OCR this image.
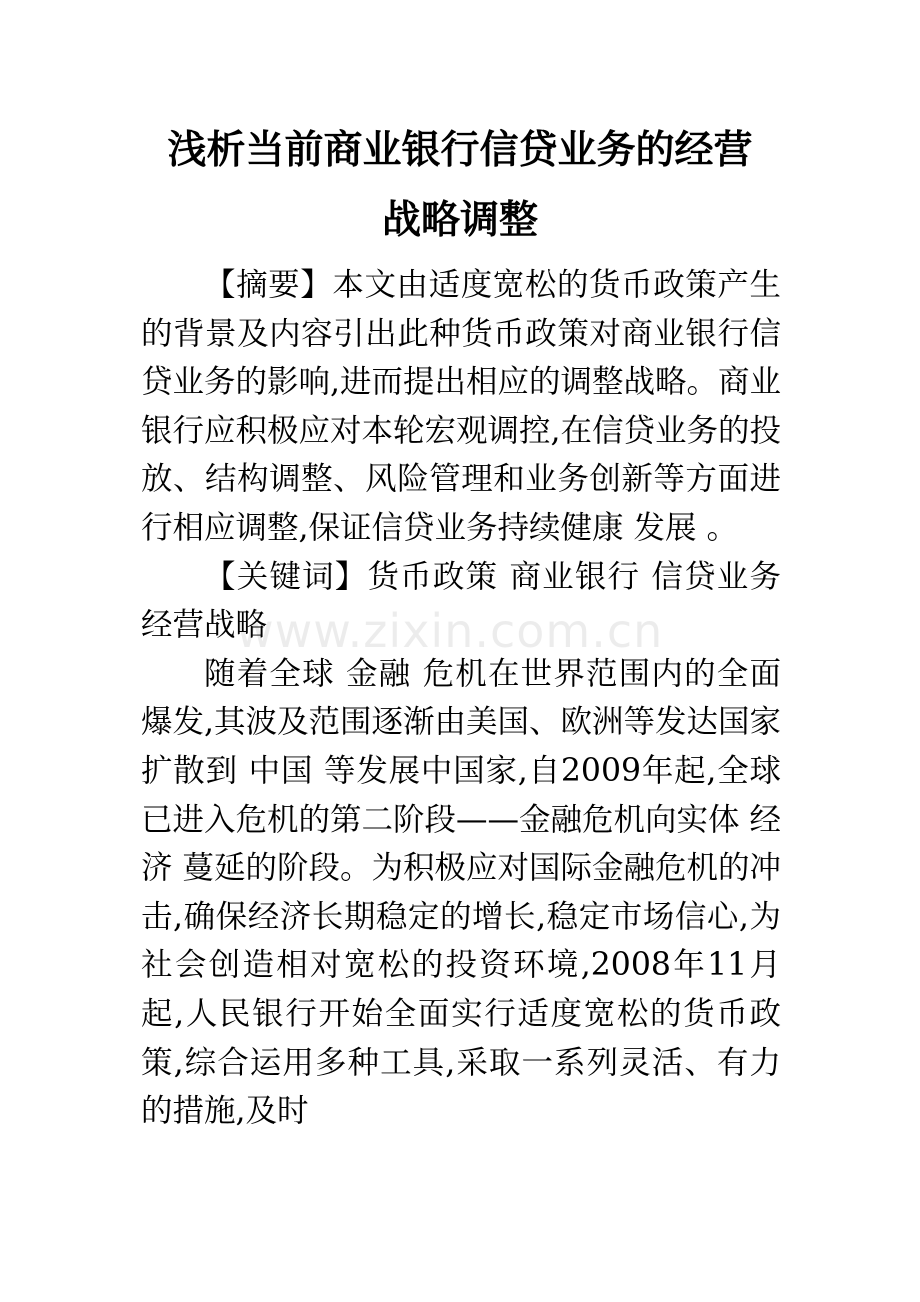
www.zixin.com.cn
浅析当前商业银行信贷业务的经营
战略调整

【摘要】本文由适度宽松的货币政策产生的背景及内容引出此种货币政策对商业银行信贷业务的影响,进而提出相应的调整战略。商业银行应积极应对本轮宏观调控,在信贷业务的投放、结构调整、风险管理和业务创新等方面进行相应调整,保证信贷业务持续健康 发展 。

【关键词】货币政策 商业银行 信贷业务 经营战略

随着全球 金融 危机在世界范围内的全面爆发,其波及范围逐渐由美国、欧洲等发达国家扩散到 中国 等发展中国家,自2009年起,全球已进入危机的第二阶段——金融危机向实体 经济 蔓延的阶段。为积极应对国际金融危机的冲击,确保经济长期稳定的增长,稳定市场信心,为社会创造相对宽松的投资环境,2008年11月起,人民银行开始全面实行适度宽松的货币政策,综合运用多种工具,采取一系列灵活、有力的措施,及时
